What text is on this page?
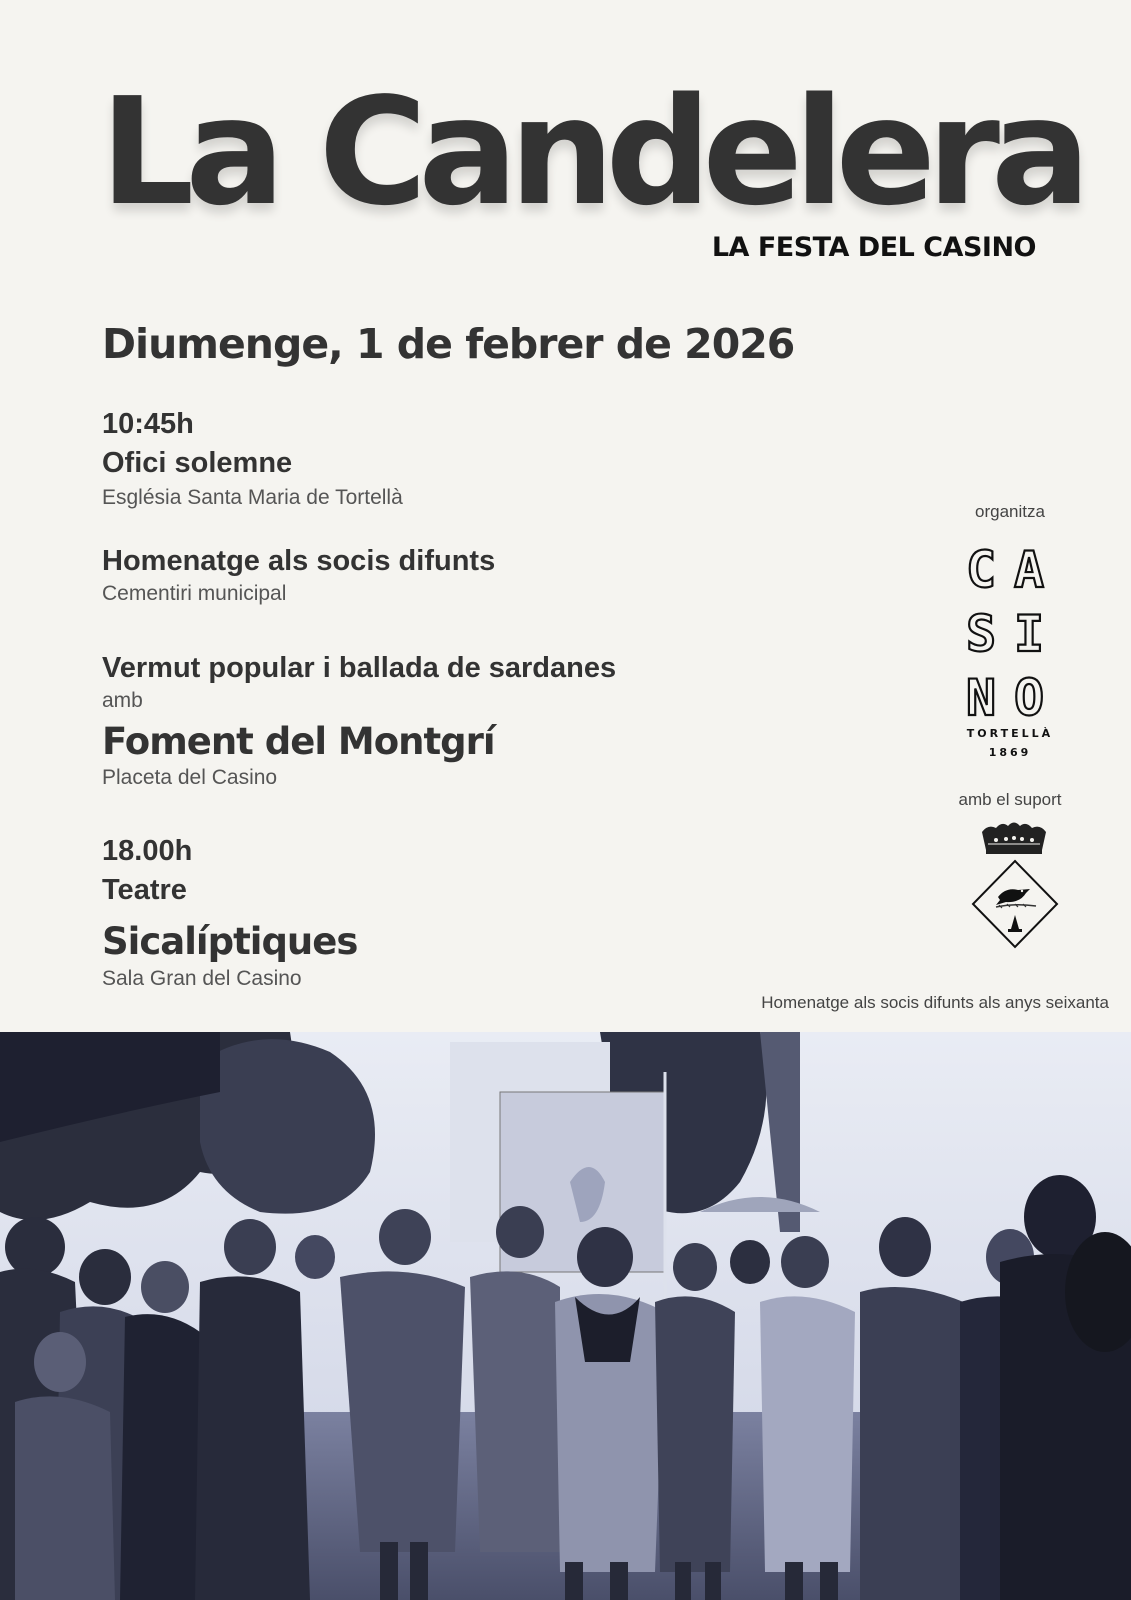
La Candelera
LA FESTA DEL CASINO
Diumenge, 1 de febrer de 2026
10:45h
Ofici solemne
Església Santa Maria de Tortellà
Homenatge als socis difunts
Cementiri municipal
Vermut popular i ballada de sardanes
amb
Foment del Montgrí
Placeta del Casino
18.00h
Teatre
Sicalíptiques
Sala Gran del Casino
organitza
C A
S I
N O
TORTELLÀ
1869
amb el suport
Homenatge als socis difunts als anys seixanta
